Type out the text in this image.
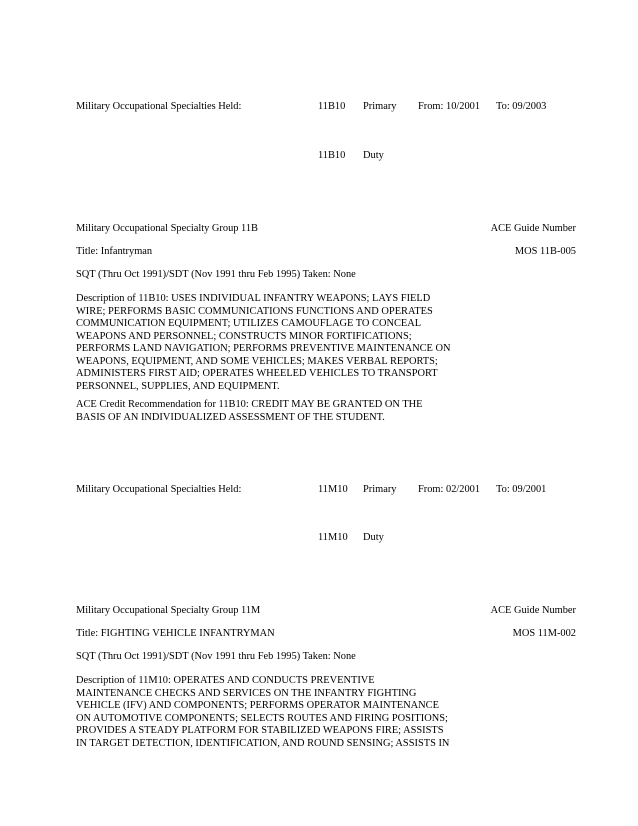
Military Occupational Specialties Held:	11B10 Primary From: 10/2001 To: 09/2003
11B10 Duty
Military Occupational Specialty Group 11B	ACE Guide Number
Title: Infantryman	MOS 11B-005
SQT (Thru Oct 1991)/SDT (Nov 1991 thru Feb 1995) Taken: None
Description of 11B10: USES INDIVIDUAL INFANTRY WEAPONS; LAYS FIELD
WIRE; PERFORMS BASIC COMMUNICATIONS FUNCTIONS AND OPERATES
COMMUNICATION EQUIPMENT; UTILIZES CAMOUFLAGE TO CONCEAL
WEAPONS AND PERSONNEL; CONSTRUCTS MINOR FORTIFICATIONS;
PERFORMS LAND NAVIGATION; PERFORMS PREVENTIVE MAINTENANCE ON
WEAPONS, EQUIPMENT, AND SOME VEHICLES; MAKES VERBAL REPORTS;
ADMINISTERS FIRST AID; OPERATES WHEELED VEHICLES TO TRANSPORT
PERSONNEL, SUPPLIES, AND EQUIPMENT.
ACE Credit Recommendation for 11B10: CREDIT MAY BE GRANTED ON THE
BASIS OF AN INDIVIDUALIZED ASSESSMENT OF THE STUDENT.
Military Occupational Specialties Held:	11M10 Primary From: 02/2001 To: 09/2001
11M10 Duty
Military Occupational Specialty Group 11M	ACE Guide Number
Title: FIGHTING VEHICLE INFANTRYMAN	MOS 11M-002
SQT (Thru Oct 1991)/SDT (Nov 1991 thru Feb 1995) Taken: None
Description of 11M10: OPERATES AND CONDUCTS PREVENTIVE
MAINTENANCE CHECKS AND SERVICES ON THE INFANTRY FIGHTING
VEHICLE (IFV) AND COMPONENTS; PERFORMS OPERATOR MAINTENANCE
ON AUTOMOTIVE COMPONENTS; SELECTS ROUTES AND FIRING POSITIONS;
PROVIDES A STEADY PLATFORM FOR STABILIZED WEAPONS FIRE; ASSISTS
IN TARGET DETECTION, IDENTIFICATION, AND ROUND SENSING; ASSISTS IN
